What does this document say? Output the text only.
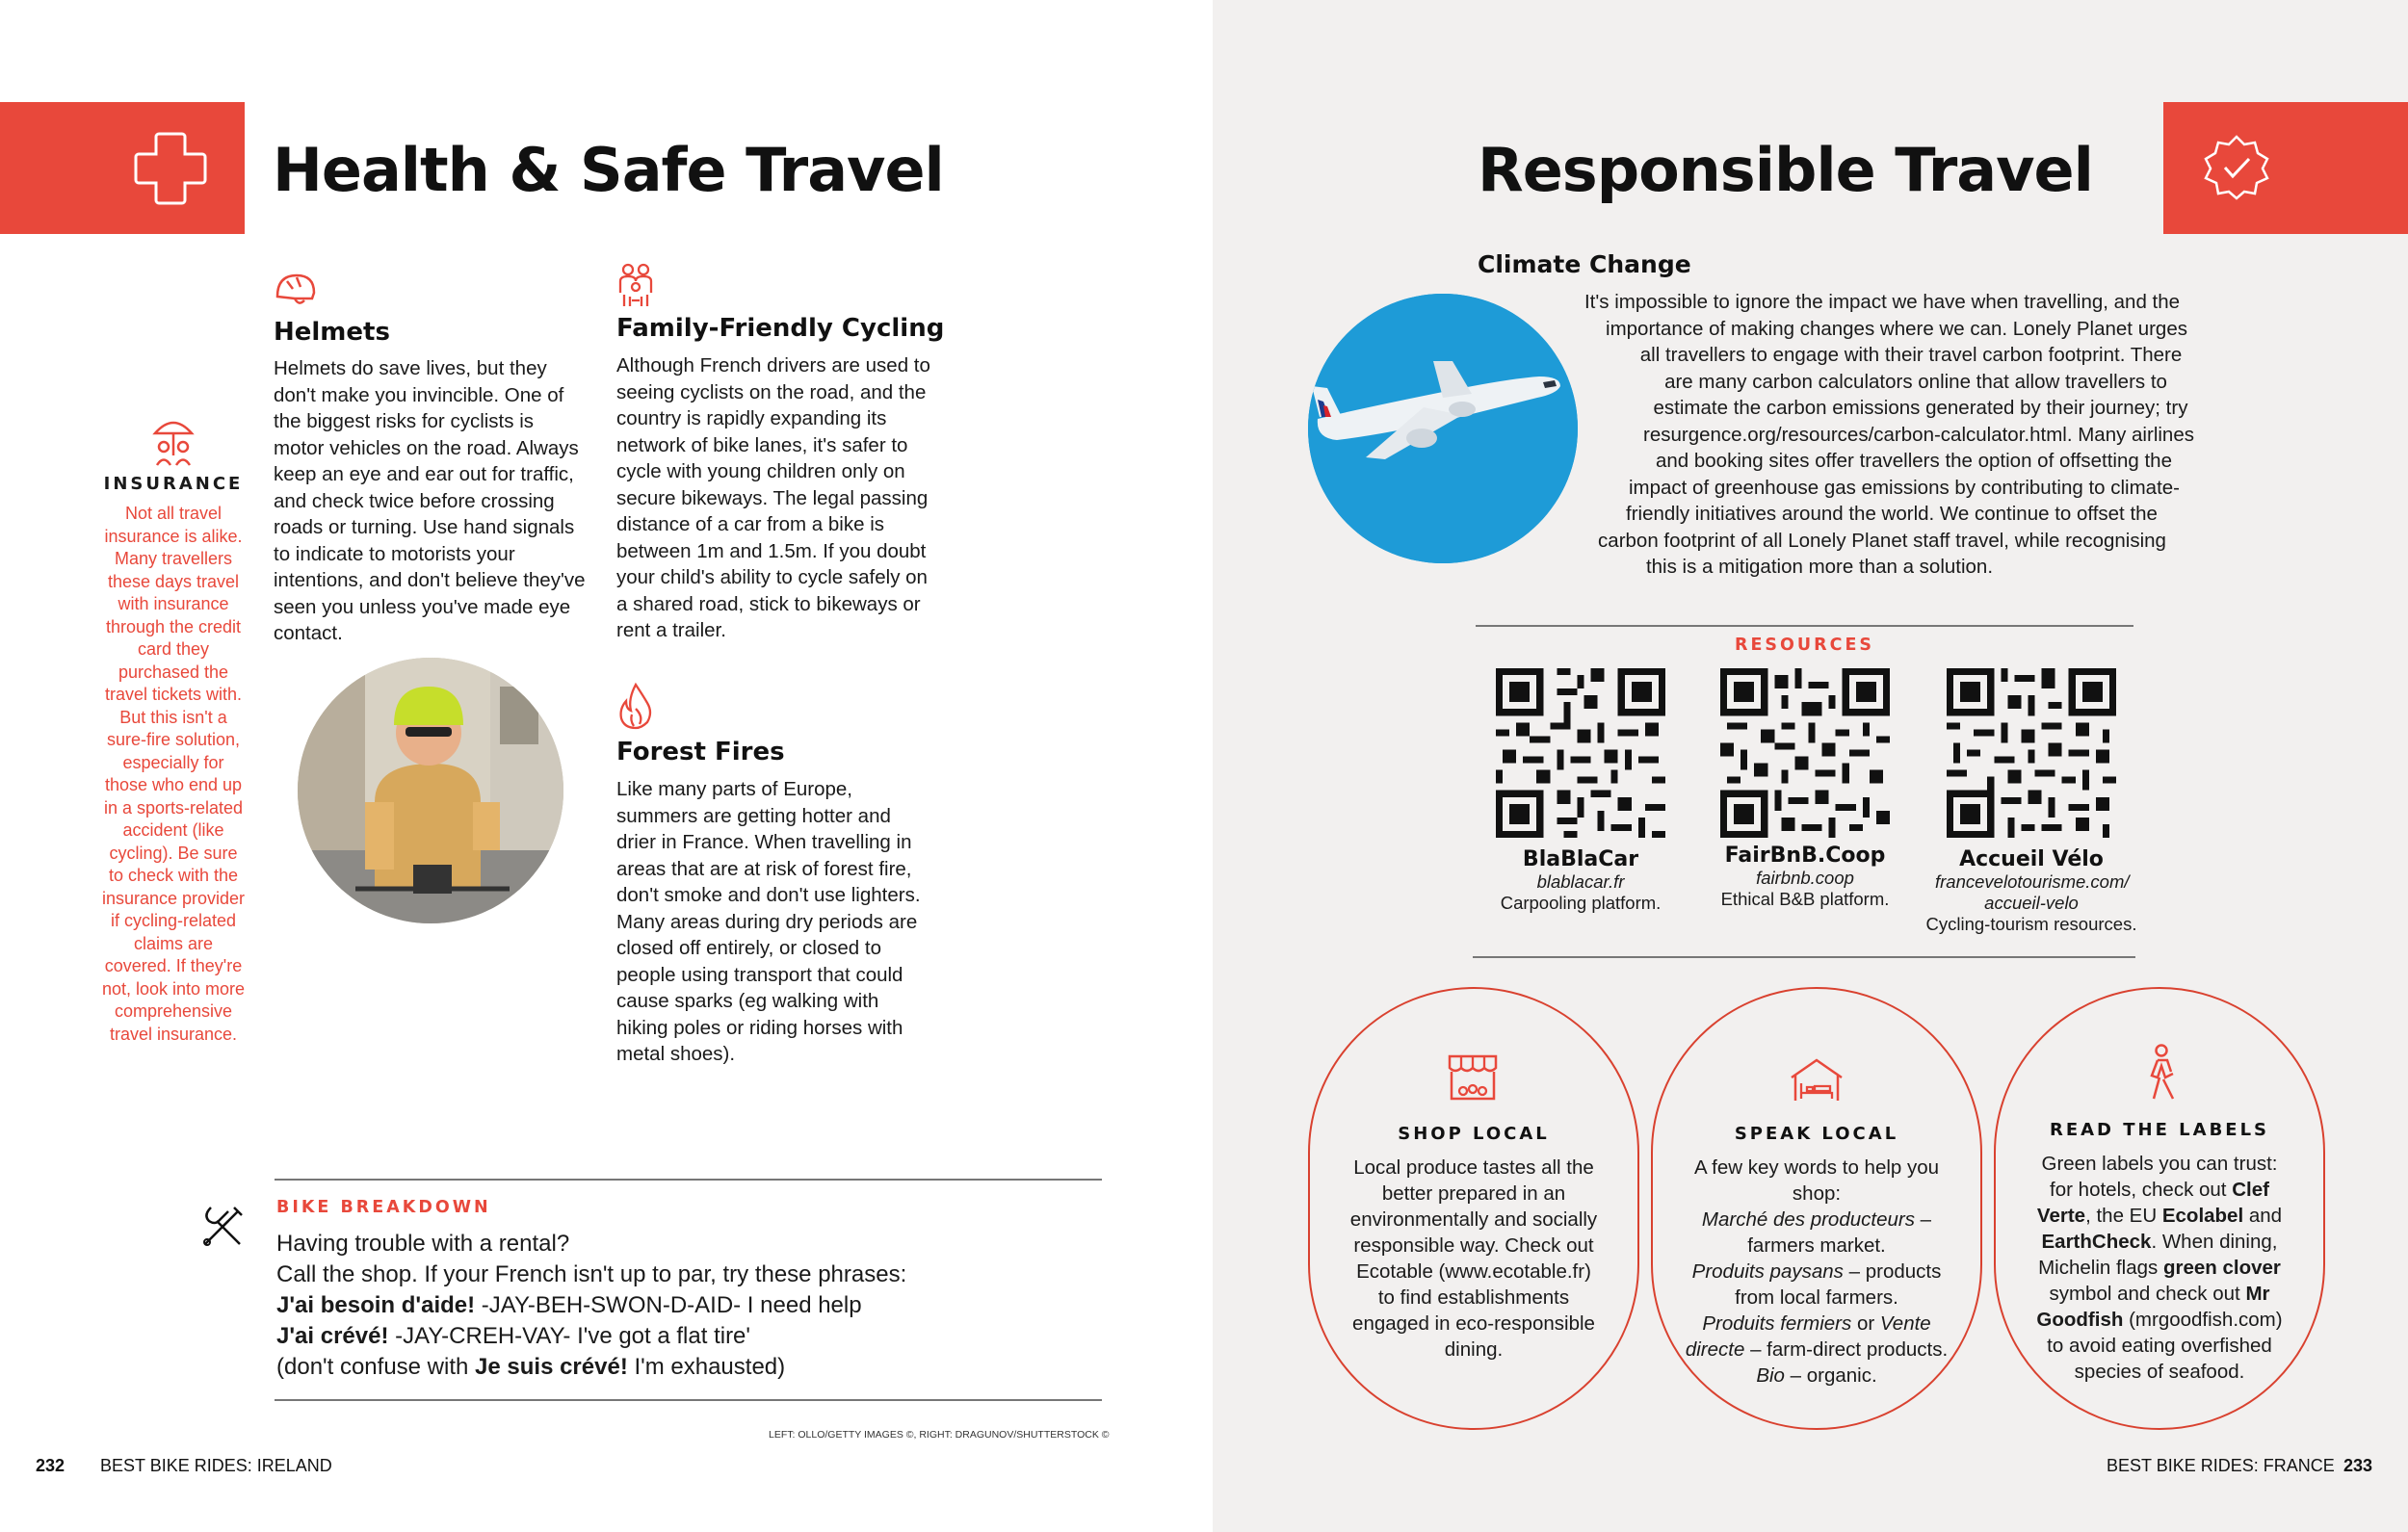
Health & Safe Travel
INSURANCE
Not all travel insurance is alike. Many travellers these days travel with insurance through the credit card they purchased the travel tickets with. But this isn't a sure-fire solution, especially for those who end up in a sports-related accident (like cycling). Be sure to check with the insurance provider if cycling-related claims are covered. If they're not, look into more comprehensive travel insurance.
Helmets
Helmets do save lives, but they don't make you invincible. One of the biggest risks for cyclists is motor vehicles on the road. Always keep an eye and ear out for traffic, and check twice before crossing roads or turning. Use hand signals to indicate to motorists your intentions, and don't believe they've seen you unless you've made eye contact.
Family-Friendly Cycling
Although French drivers are used to seeing cyclists on the road, and the country is rapidly expanding its network of bike lanes, it's safer to cycle with young children only on secure bikeways. The legal passing distance of a car from a bike is between 1m and 1.5m. If you doubt your child's ability to cycle safely on a shared road, stick to bikeways or rent a trailer.
Forest Fires
Like many parts of Europe, summers are getting hotter and drier in France. When travelling in areas that are at risk of forest fire, don't smoke and don't use lighters. Many areas during dry periods are closed off entirely, or closed to people using transport that could cause sparks (eg walking with hiking poles or riding horses with metal shoes).
BIKE BREAKDOWN
Having trouble with a rental?
Call the shop. If your French isn't up to par, try these phrases:
J'ai besoin d'aide! -JAY-BEH-SWON-D-AID- I need help
J'ai crévé! -JAY-CREH-VAY- I've got a flat tire'
(don't confuse with Je suis crévé! I'm exhausted)
LEFT: OLLO/GETTY IMAGES ©, RIGHT: DRAGUNOV/SHUTTERSTOCK ©
232 BEST BIKE RIDES: IRELAND
Responsible Travel
Climate Change
It's impossible to ignore the impact we have when travelling, and the
importance of making changes where we can. Lonely Planet urges
all travellers to engage with their travel carbon footprint. There
are many carbon calculators online that allow travellers to
estimate the carbon emissions generated by their journey; try
resurgence.org/resources/carbon-calculator.html. Many airlines
and booking sites offer travellers the option of offsetting the
impact of greenhouse gas emissions by contributing to climate-
friendly initiatives around the world. We continue to offset the
carbon footprint of all Lonely Planet staff travel, while recognising
this is a mitigation more than a solution.
RESOURCES
BlaBlaCar
blablacar.fr
Carpooling platform.
FairBnB.Coop
fairbnb.coop
Ethical B&B platform.
Accueil Vélo
francevelotourisme.com/ accueil-velo
Cycling-tourism resources.
SHOP LOCAL
Local produce tastes all the better prepared in an environmentally and socially responsible way. Check out Ecotable (www.ecotable.fr) to find establishments engaged in eco-responsible dining.
SPEAK LOCAL
A few key words to help you shop:
Marché des producteurs – farmers market.
Produits paysans – products from local farmers.
Produits fermiers or Vente directe – farm-direct products.
Bio – organic.
READ THE LABELS
Green labels you can trust: for hotels, check out Clef Verte, the EU Ecolabel and EarthCheck. When dining, Michelin flags green clover symbol and check out Mr Goodfish (mrgoodfish.com) to avoid eating overfished species of seafood.
BEST BIKE RIDES: FRANCE 233
